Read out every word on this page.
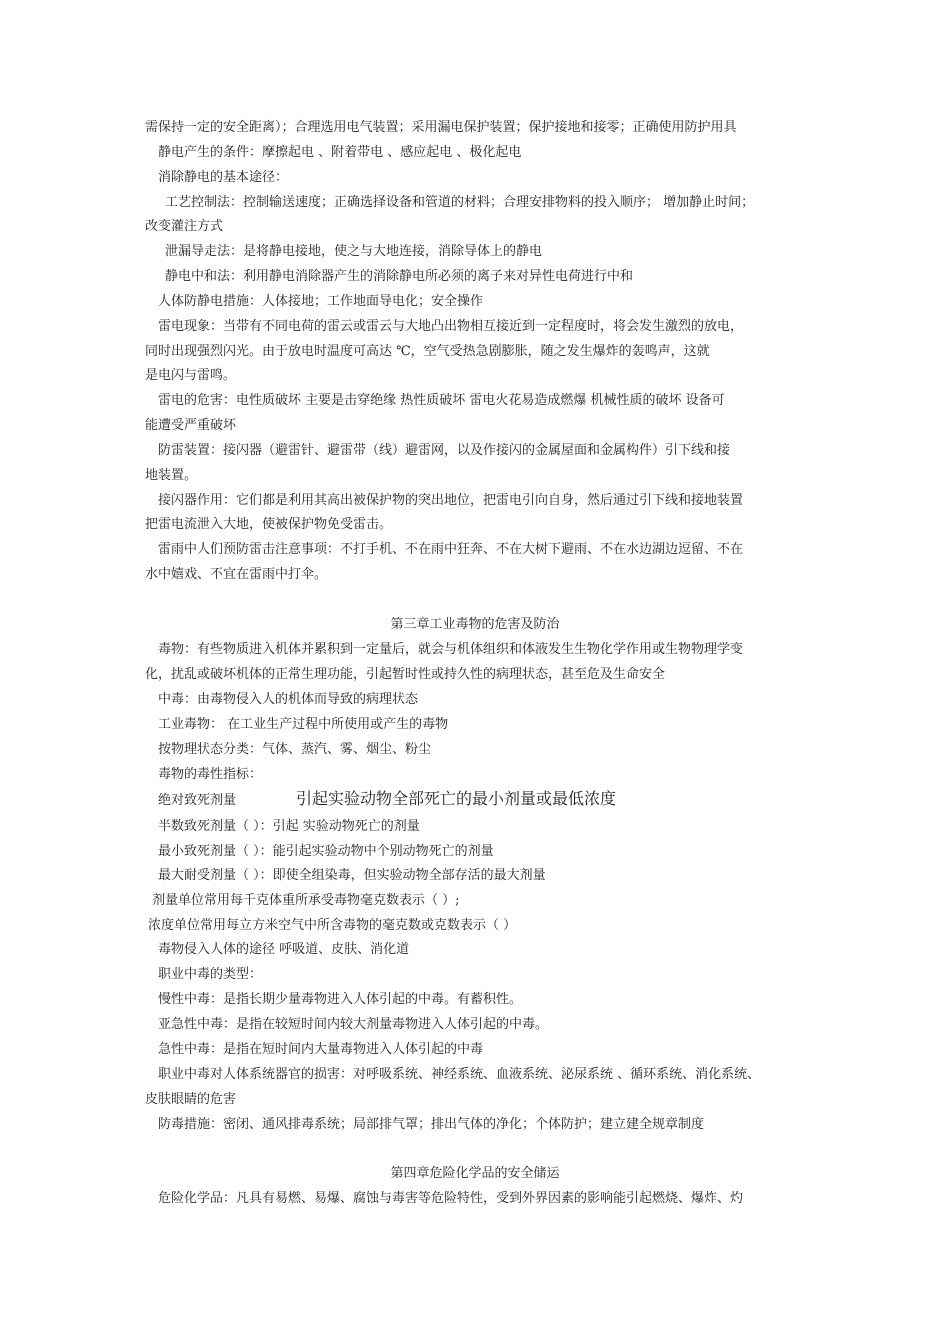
需保持一定的安全距离）；合理选用电气装置；采用漏电保护装置；保护接地和接零；正确使用防护用具
静电产生的条件：摩擦起电 、附着带电 、感应起电 、极化起电
消除静电的基本途径：
工艺控制法：控制输送速度；正确选择设备和管道的材料；合理安排物料的投入顺序； 增加静止时间；
改变灌注方式
泄漏导走法：是将静电接地，使之与大地连接，消除导体上的静电
静电中和法：利用静电消除器产生的消除静电所必须的离子来对异性电荷进行中和
人体防静电措施：人体接地；工作地面导电化；安全操作
雷电现象：当带有不同电荷的雷云或雷云与大地凸出物相互接近到一定程度时，将会发生激烈的放电，
同时出现强烈闪光。由于放电时温度可高达 ℃，空气受热急剧膨胀，随之发生爆炸的轰鸣声，这就
是电闪与雷鸣。
雷电的危害：电性质破坏 主要是击穿绝缘 热性质破坏 雷电火花易造成燃爆 机械性质的破坏 设备可
能遭受严重破坏
防雷装置：接闪器（避雷针、避雷带（线）避雷网，以及作接闪的金属屋面和金属构件）引下线和接
地装置。
接闪器作用：它们都是利用其高出被保护物的突出地位，把雷电引向自身，然后通过引下线和接地装置
把雷电流泄入大地，使被保护物免受雷击。
雷雨中人们预防雷击注意事项：不打手机、不在雨中狂奔、不在大树下避雨、不在水边湖边逗留、不在
水中嬉戏、不宜在雷雨中打伞。
第三章工业毒物的危害及防治
毒物：有些物质进入机体并累积到一定量后，就会与机体组织和体液发生生物化学作用或生物物理学变
化，扰乱或破坏机体的正常生理功能，引起暂时性或持久性的病理状态，甚至危及生命安全
中毒：由毒物侵入人的机体而导致的病理状态
工业毒物： 在工业生产过程中所使用或产生的毒物
按物理状态分类：气体、蒸汽、雾、烟尘、粉尘
毒物的毒性指标：
绝对致死剂量	引起实验动物全部死亡的最小剂量或最低浓度
半数致死剂量（ ）：引起 实验动物死亡的剂量
最小致死剂量（ ）：能引起实验动物中个别动物死亡的剂量
最大耐受剂量（ ）：即使全组染毒，但实验动物全部存活的最大剂量
剂量单位常用每千克体重所承受毒物毫克数表示（ ）;
浓度单位常用每立方米空气中所含毒物的毫克数或克数表示（ ）
毒物侵入人体的途径 呼吸道、皮肤、消化道
职业中毒的类型：
慢性中毒：是指长期少量毒物进入人体引起的中毒。有蓄积性。
亚急性中毒：是指在较短时间内较大剂量毒物进入人体引起的中毒。
急性中毒：是指在短时间内大量毒物进入人体引起的中毒
职业中毒对人体系统器官的损害：对呼吸系统、神经系统、血液系统、泌尿系统 、循环系统、消化系统、
皮肤眼睛的危害
防毒措施：密闭、通风排毒系统；局部排气罩；排出气体的净化；个体防护；建立建全规章制度
第四章危险化学品的安全储运
危险化学品：凡具有易燃、易爆、腐蚀与毒害等危险特性，受到外界因素的影响能引起燃烧、爆炸、灼
